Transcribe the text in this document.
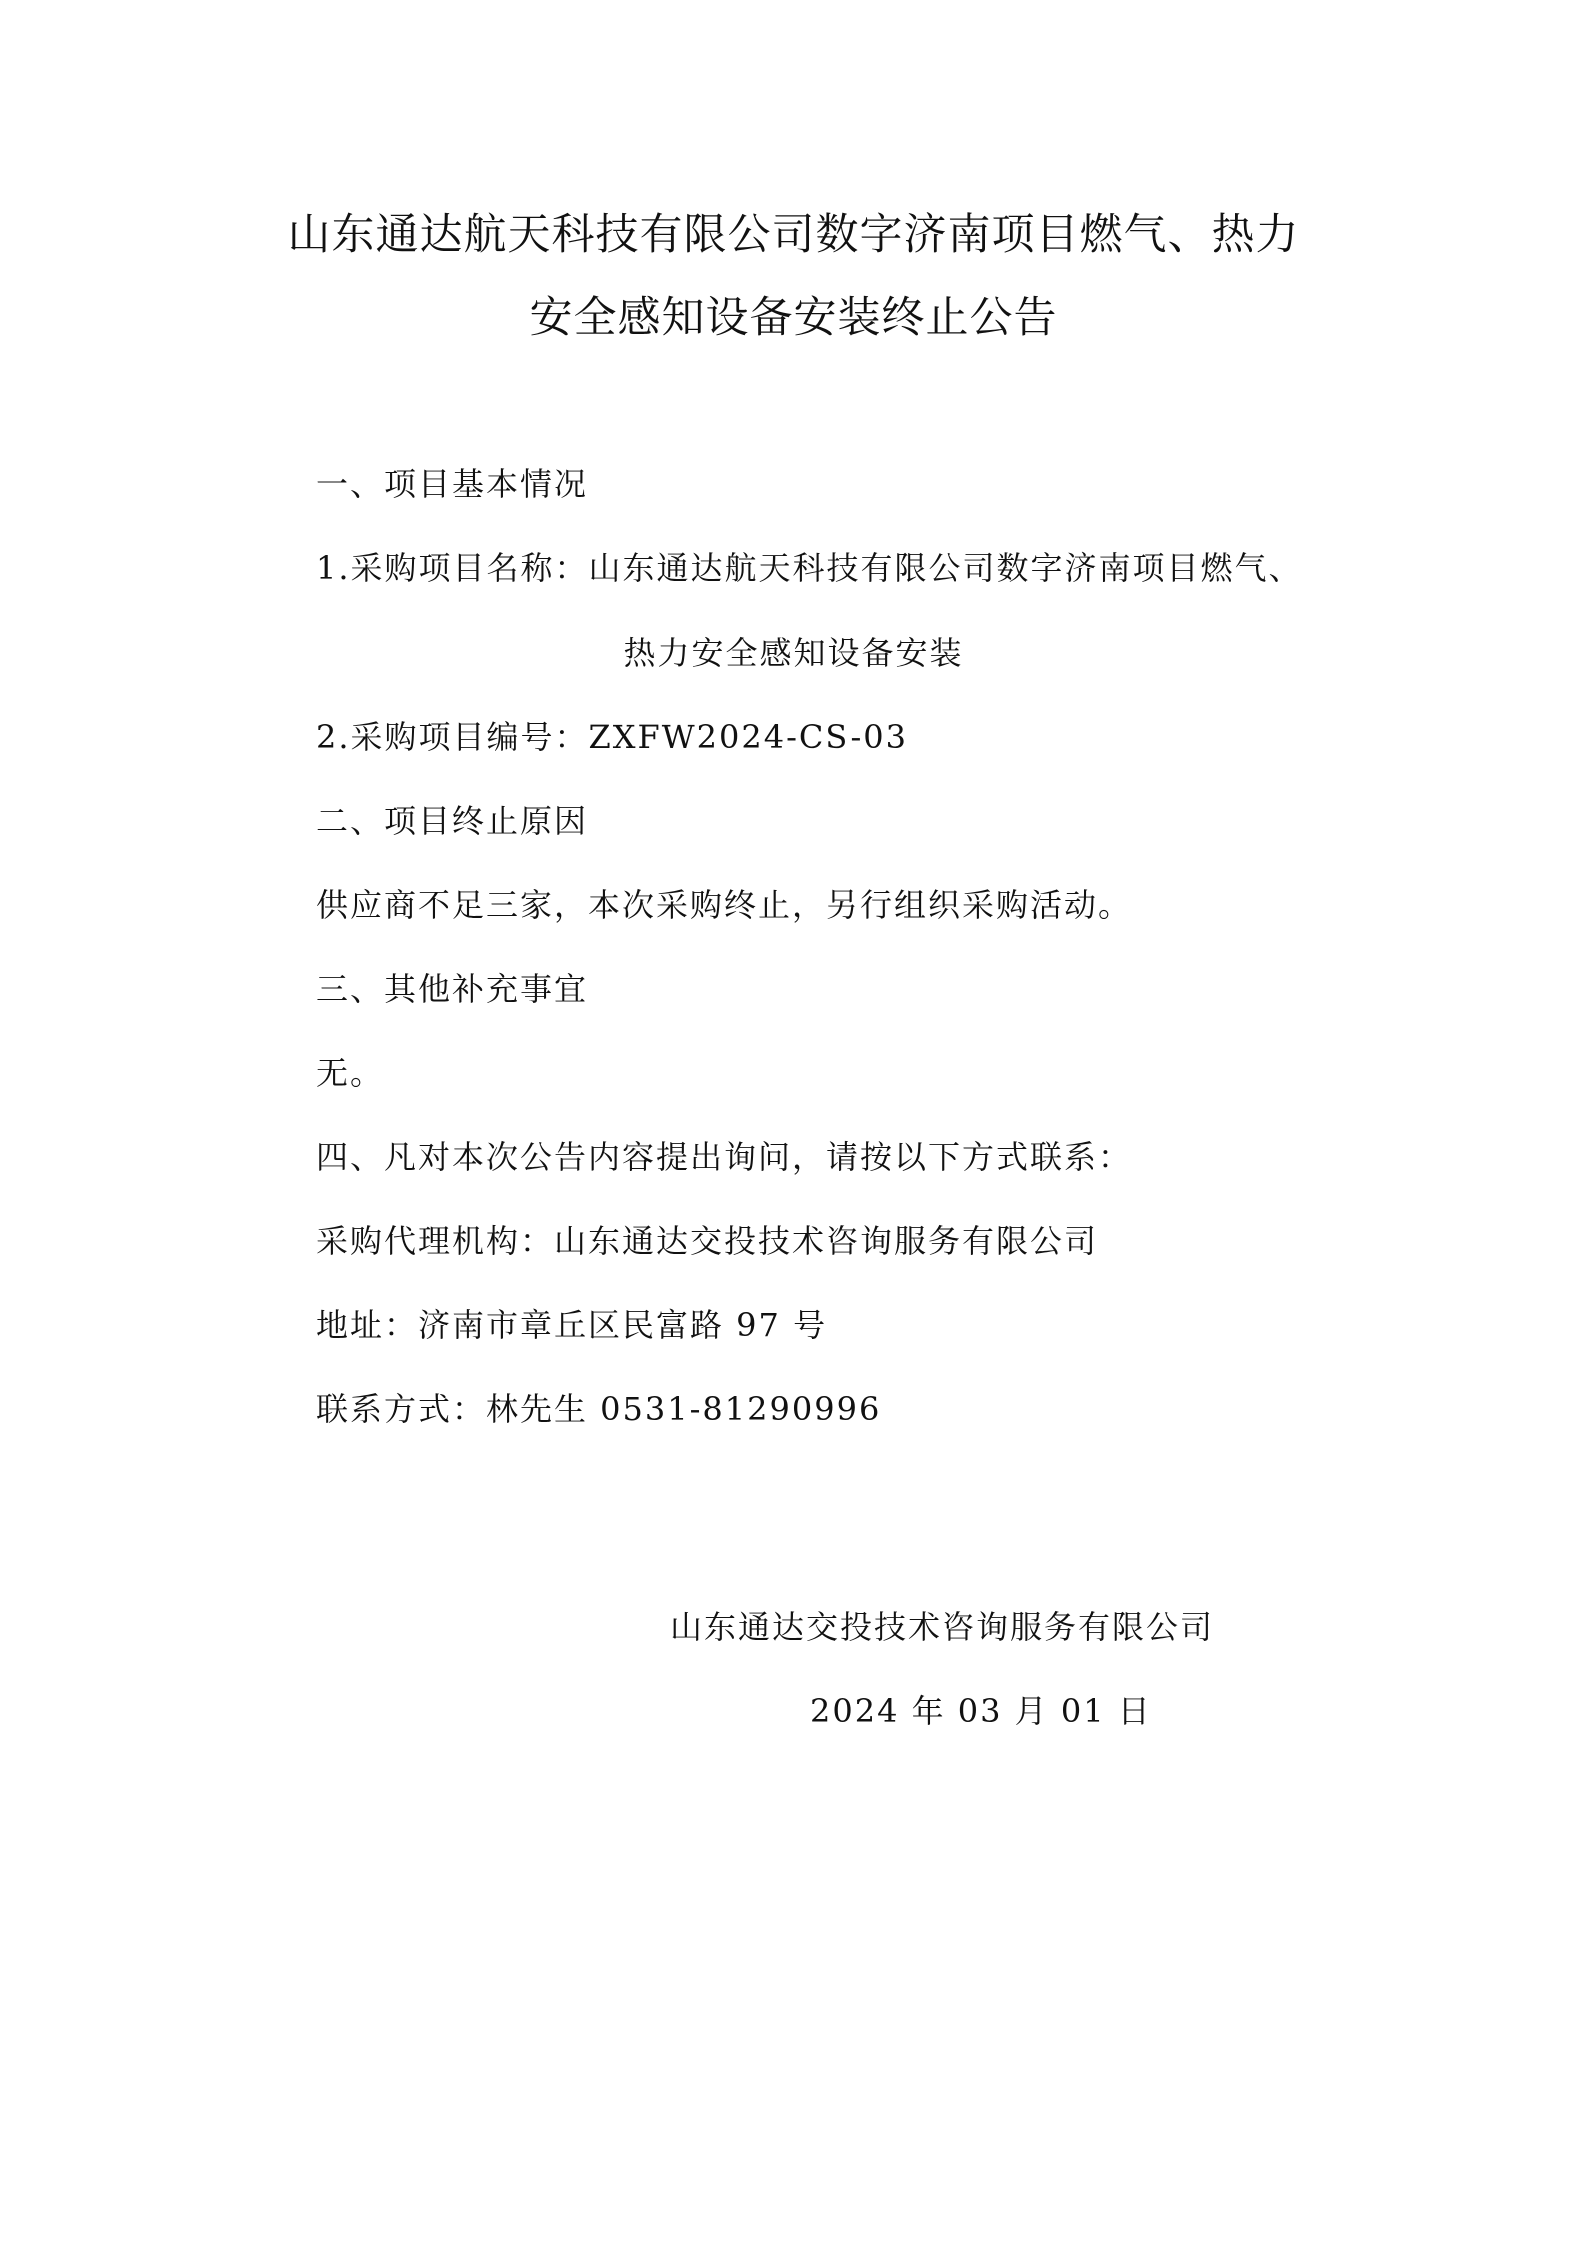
山东通达航天科技有限公司数字济南项目燃气、热力
安全感知设备安装终止公告
一、项目基本情况
1.采购项目名称：山东通达航天科技有限公司数字济南项目燃气、
热力安全感知设备安装
2.采购项目编号：ZXFW2024-CS-03
二、项目终止原因
供应商不足三家，本次采购终止，另行组织采购活动。
三、其他补充事宜
无。
四、凡对本次公告内容提出询问，请按以下方式联系：
采购代理机构：山东通达交投技术咨询服务有限公司
地址：济南市章丘区民富路 97 号
联系方式：林先生 0531-81290996
山东通达交投技术咨询服务有限公司
2024 年 03 月 01 日
